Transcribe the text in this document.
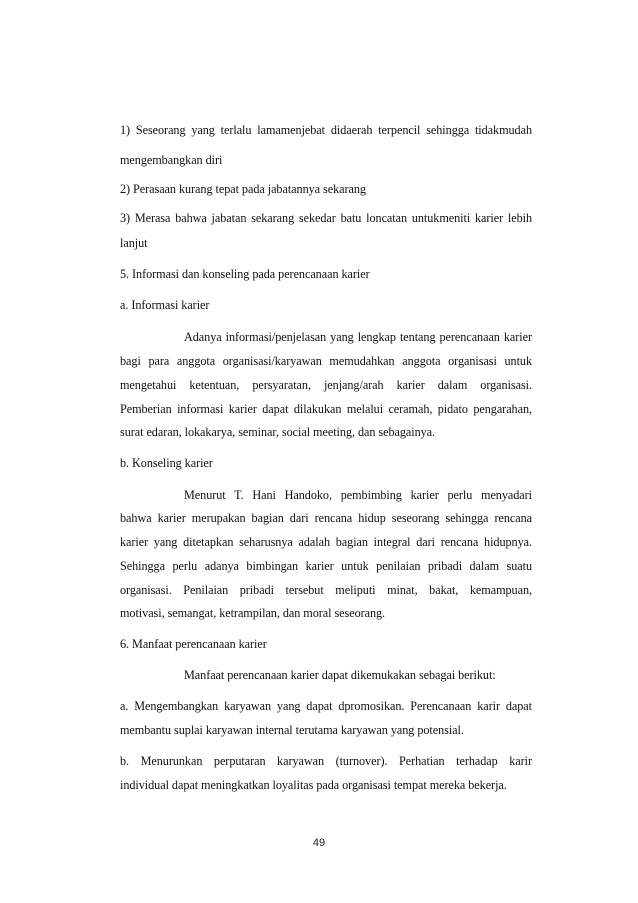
1) Seseorang yang terlalu lamamenjebat didaerah terpencil sehingga tidakmudah
mengembangkan diri
2) Perasaan kurang tepat pada jabatannya sekarang
3) Merasa bahwa jabatan sekarang sekedar batu loncatan untukmeniti karier lebih
lanjut
5. Informasi dan konseling pada perencanaan karier
a. Informasi karier
Adanya informasi/penjelasan yang lengkap tentang perencanaan karier
bagi para anggota organisasi/karyawan memudahkan anggota organisasi untuk
mengetahui ketentuan, persyaratan, jenjang/arah karier dalam organisasi.
Pemberian informasi karier dapat dilakukan melalui ceramah, pidato pengarahan,
surat edaran, lokakarya, seminar, social meeting, dan sebagainya.
b. Konseling karier
Menurut T. Hani Handoko, pembimbing karier perlu menyadari
bahwa karier merupakan bagian dari rencana hidup seseorang sehingga rencana
karier yang ditetapkan seharusnya adalah bagian integral dari rencana hidupnya.
Sehingga perlu adanya bimbingan karier untuk penilaian pribadi dalam suatu
organisasi. Penilaian pribadi tersebut meliputi minat, bakat, kemampuan,
motivasi, semangat, ketrampilan, dan moral seseorang.
6. Manfaat perencanaan karier
Manfaat perencanaan karier dapat dikemukakan sebagai berikut:
a. Mengembangkan karyawan yang dapat dpromosikan. Perencanaan karir dapat
membantu suplai karyawan internal terutama karyawan yang potensial.
b. Menurunkan perputaran karyawan (turnover). Perhatian terhadap karir
individual dapat meningkatkan loyalitas pada organisasi tempat mereka bekerja.
49
